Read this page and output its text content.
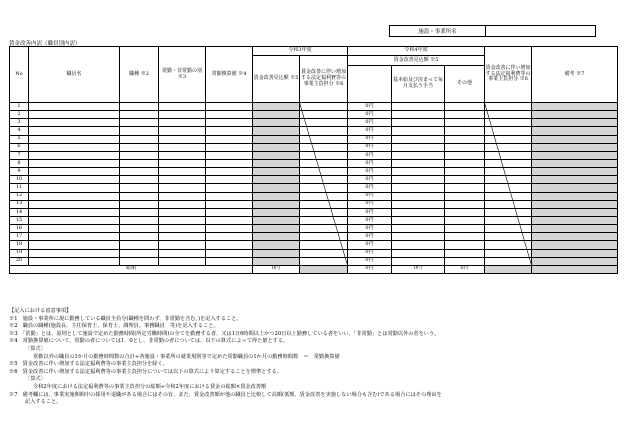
施設・事業所名
賃金改善内訳（職員別内訳）
No	職員名	職種 ※2	常勤・非常勤の別 ※3	常勤換算値 ※4	令和3年度		令和4年度			賃金改善に伴い増加する法定福利費等の事業主負担分 ※6	備考 ※7
					賃金改善見込額 ※5	賃金改善に伴い増加する法定福利費等の事業主負担分 ※6	賃金改善見込額 ※5				
								基本給及び決まって毎月支払う手当	その他		
1							0円				
2							0円				
3							0円				
4							0円				
5							0円				
6							0円				
7							0円				
8							0円				
9							0円				
10							0円				
11							0円				
12							0円				
13							0円				
14							0円				
15							0円				
16							0円				
17							0円				
18							0円				
19							0円				
20							0円				
総額					0円		0円	0円	0円		
【記入における留意事項】
※1　施設・事業所に現に勤務している職員全員分(職種を問わず、非常勤を含む。)を記入すること。
※2　職員の職種(施設長、主任保育士、保育士、調理員、事務職員　等)を記入すること。
※3　「常勤」とは、原則として施設で定めた勤務時間(所定労働時間)の全てを勤務する者、又は1日6時間以上かつ20日以上勤務している者をいい、「非常勤」とは常勤以外の者をいう。
※4　常勤換算値について、常勤の者については1．0とし、非常勤の者については、以下の算式によって得た値とする。
〔算式〕
常勤以外の職員の1か月の勤務時間数の合計÷各施設・事業所の就業規則等で定めた常勤職員の1か月の勤務時間数　＝　常勤換算値
※5　賃金改善に伴い増加する法定福利費等の事業主負担分を除く。
※6　賃金改善に伴い増加する法定福利費等の事業主負担分については以下の算式により算定することを標準とする。
〔算式〕
令和2年度における法定福利費等の事業主負担分の総額÷令和2年度における賃金の総額×賃金改善額
※7　備考欄には、事業実施期間中の採用や退職がある場合にはその旨、また、賃金改善額が他の職員と比較して高額(低額、賃金改善を実施しない場合も含む)である場合にはその理由を
記入すること。
